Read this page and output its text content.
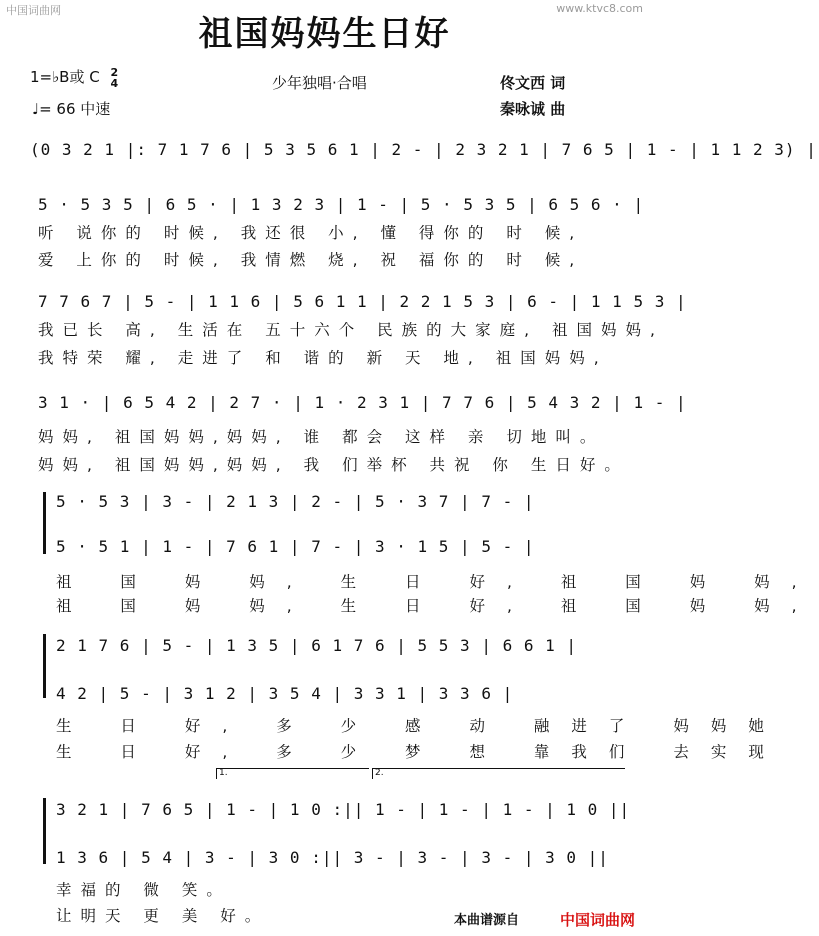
中国词曲网	www.ktvc8.com
祖国妈妈生日好
1=♭B或 C 2
4
♩= 66 中速
少年独唱·合唱	佟文西 词
秦咏诚 曲
(0 3 2 1 |: 7 1 7 6 | 5 3 5 6 1 | 2 - | 2 3 2 1 | 7 6 5 | 1 - | 1 1 2 3) |
5 · 5 3 5 | 6 5 · | 1 3 2 3 | 1 - | 5 · 5 3 5 | 6 5 6 · |
听 说你的 时候, 我还很 小, 懂 得你的 时 候,
爱 上你的 时候, 我情燃 烧, 祝 福你的 时 候,
7 7 6 7 | 5 - | 1 1 6 | 5 6 1 1 | 2 2 1 5 3 | 6 - | 1 1 5 3 |
我已长 高, 生活在 五十六个 民族的大家庭, 祖国妈妈,
我特荣 耀, 走进了 和 谐的 新 天 地, 祖国妈妈,
3 1 · | 6 5 4 2 | 2 7 · | 1 · 2 3 1 | 7 7 6 | 5 4 3 2 | 1 - |
妈妈, 祖国妈妈,妈妈, 谁 都会 这样 亲 切地叫。
妈妈, 祖国妈妈,妈妈, 我 们举杯 共祝 你 生日好。
5 · 5 3 | 3 - | 2 1 3 | 2 - | 5 · 3 7 | 7 - |
5 · 5 1 | 1 - | 7 6 1 | 7 - | 3 · 1 5 | 5 - |
祖 国 妈 妈, 生 日 好, 祖 国 妈 妈,
祖 国 妈 妈, 生 日 好, 祖 国 妈 妈,
2 1 7 6 | 5 - | 1 3 5 | 6 1 7 6 | 5 5 3 | 6 6 1 |
4 2 | 5 - | 3 1 2 | 3 5 4 | 3 3 1 | 3 3 6 |
生 日 好, 多 少 感 动 融进了 妈妈她
生 日 好, 多 少 梦 想 靠我们 去实现
1.	2.
3 2 1 | 7 6 5 | 1 - | 1 0 :|| 1 - | 1 - | 1 - | 1 0 ||
1 3 6 | 5 4 | 3 - | 3 0 :|| 3 - | 3 - | 3 - | 3 0 ||
幸福的 微 笑。
让明天 更 美 好。	本曲谱源自	中国词曲网
